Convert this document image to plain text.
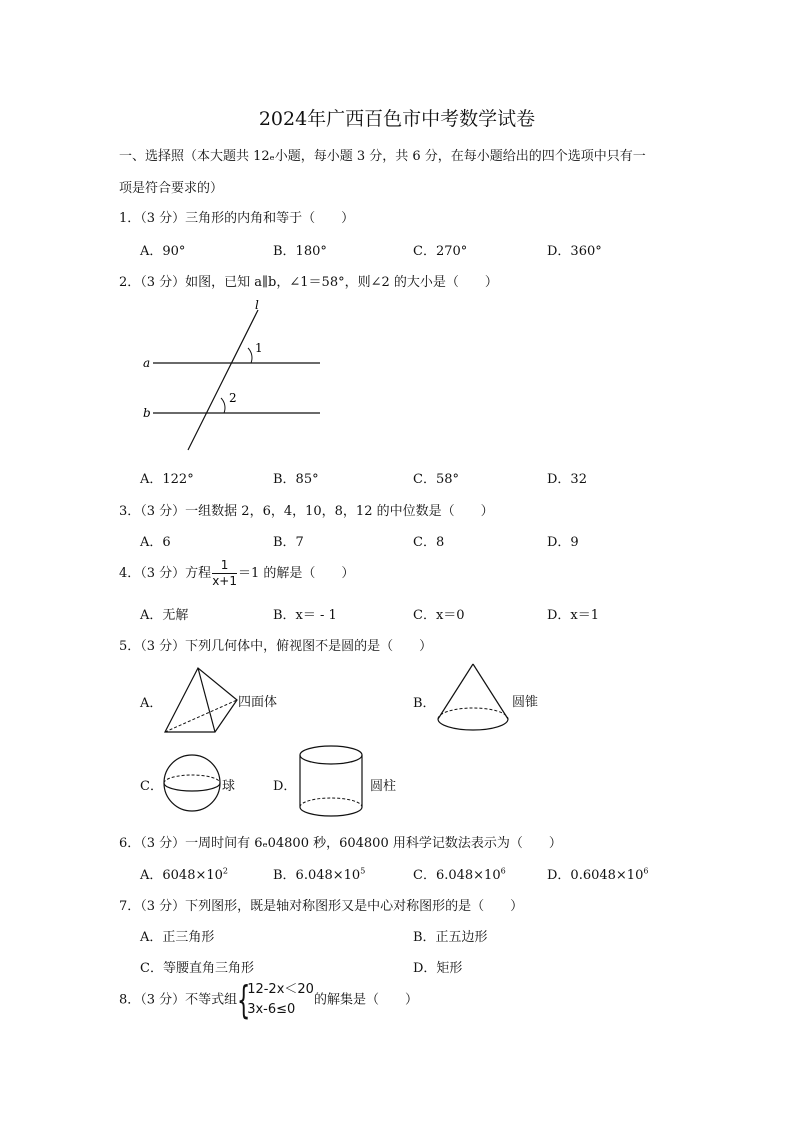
2024年广西百色市中考数学试卷
一、选择照（本大题共 12ₑ小题，每小题 3 分，共 6 分，在每小题给出的四个选项中只有一
项是符合要求的）
1．（3 分）三角形的内角和等于（　　）
A．90°	B．180°	C．270°	D．360°
2．（3 分）如图，已知 a∥b，∠1＝58°，则∠2 的大小是（　　）
l
a
b
1
2
A．122°	B．85°	C．58°	D．32
3．（3 分）一组数据 2，6，4，10，8，12 的中位数是（　　）
A．6	B．7	C．8	D．9
4．（3 分）方程 $\frac{1}{x+1} =1$ 的解是（　　）
A．无解	B．x＝ - 1	C．x＝0	D．x＝1
5．（3 分）下列几何体中，俯视图不是圆的是（　　）
A．	四面体	B．	圆锥
C．	球	D．	圆柱
6．（3 分）一周时间有 6ₑ04800 秒，604800 用科学记数法表示为（　　）
A．$6048\times 10^2$	B．$6.048\times 10^5$	C．$6.048\times 10^6$	D．$0.6048\times 10^6$
7．（3 分）下列图形，既是轴对称图形又是中心对称图形的是（　　）
A．正三角形	B．正五边形
C．等腰直角三角形	D．矩形
8．（3 分）不等式组 {
12-2x＜20
3x-6≤0
的解集是（　　）
